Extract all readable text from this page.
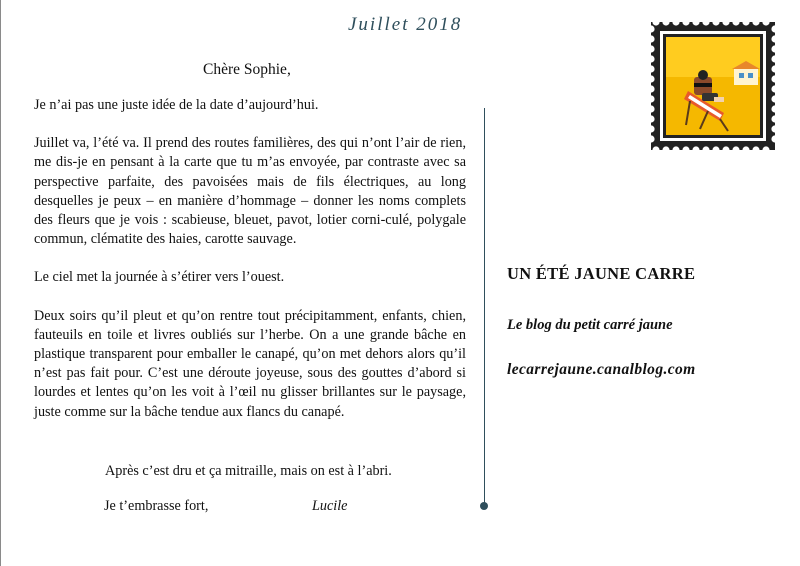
Juillet 2018
Chère Sophie,

Je n’ai pas une juste idée de la date d’aujourd’hui.

Juillet va, l’été va. Il prend des routes familières, des qui n’ont l’air de rien, me dis-je en pensant à la carte que tu m’as envoyée, par contraste avec sa perspective parfaite, des pavoisées mais de fils électriques, au long desquelles je peux – en manière d’hommage – donner les noms complets des fleurs que je vois : scabieuse, bleuet, pavot, lotier corni-culé, polygale commun, clématite des haies, carotte sauvage.

Le ciel met la journée à s’étirer vers l’ouest.

Deux soirs qu’il pleut et qu’on rentre tout précipitamment, enfants, chien, fauteuils en toile et livres oubliés sur l’herbe. On a une grande bâche en plastique transparent pour emballer le canapé, qu’on met dehors alors qu’il n’est pas fait pour. C’est une déroute joyeuse, sous des gouttes d’abord si lourdes et lentes qu’on les voit à l’œil nu glisser brillantes sur le paysage, juste comme sur la bâche tendue aux flancs du canapé.

Après c’est dru et ça mitraille, mais on est à l’abri.
Je t’embrasse fort,	Lucile
UN ÉTÉ JAUNE CARRE
Le blog du petit carré jaune
lecarrejaune.canalblog.com
